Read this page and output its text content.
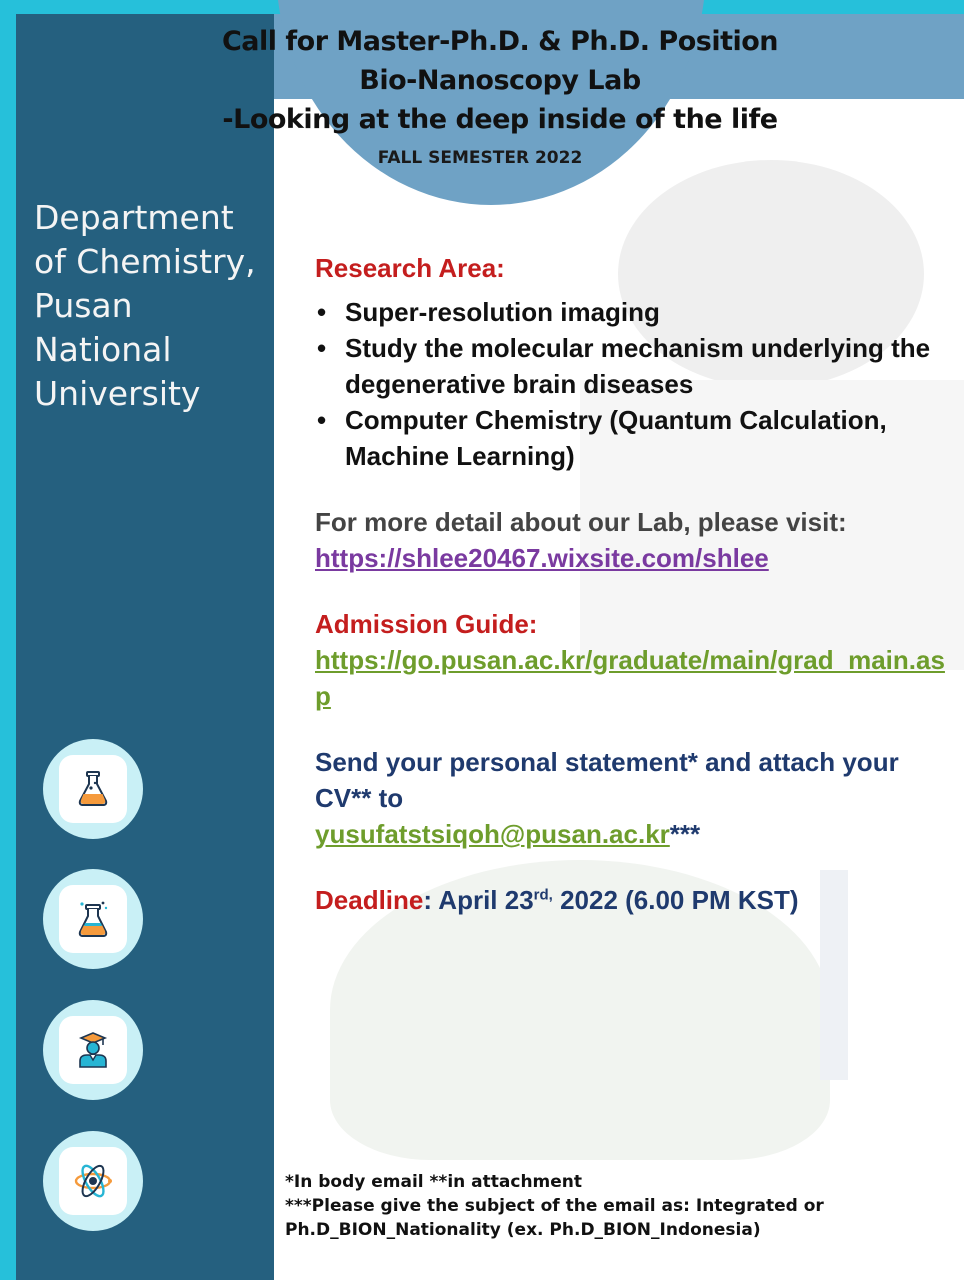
Department of Chemistry, Pusan National University

Call for Master-Ph.D. & Ph.D. Position

Bio-Nanoscopy Lab

-Looking at the deep inside of the life

FALL SEMESTER 2022

Research Area:

• Super-resolution imaging
• Study the molecular mechanism underlying the degenerative brain diseases
• Computer Chemistry (Quantum Calculation, Machine Learning)

For more detail about our Lab, please visit:

https://shlee20467.wixsite.com/shlee

Admission Guide:

https://go.pusan.ac.kr/graduate/main/grad_main.asp

Send your personal statement* and attach your CV** to

yusufatstsiqoh@pusan.ac.kr***

Deadline: April $23^{rd,}$ 2022 (6.00 PM KST)

*In body email **in attachment

***Please give the subject of the email as: Integrated or Ph.D_BION_Nationality (ex. Ph.D_BION_Indonesia)
